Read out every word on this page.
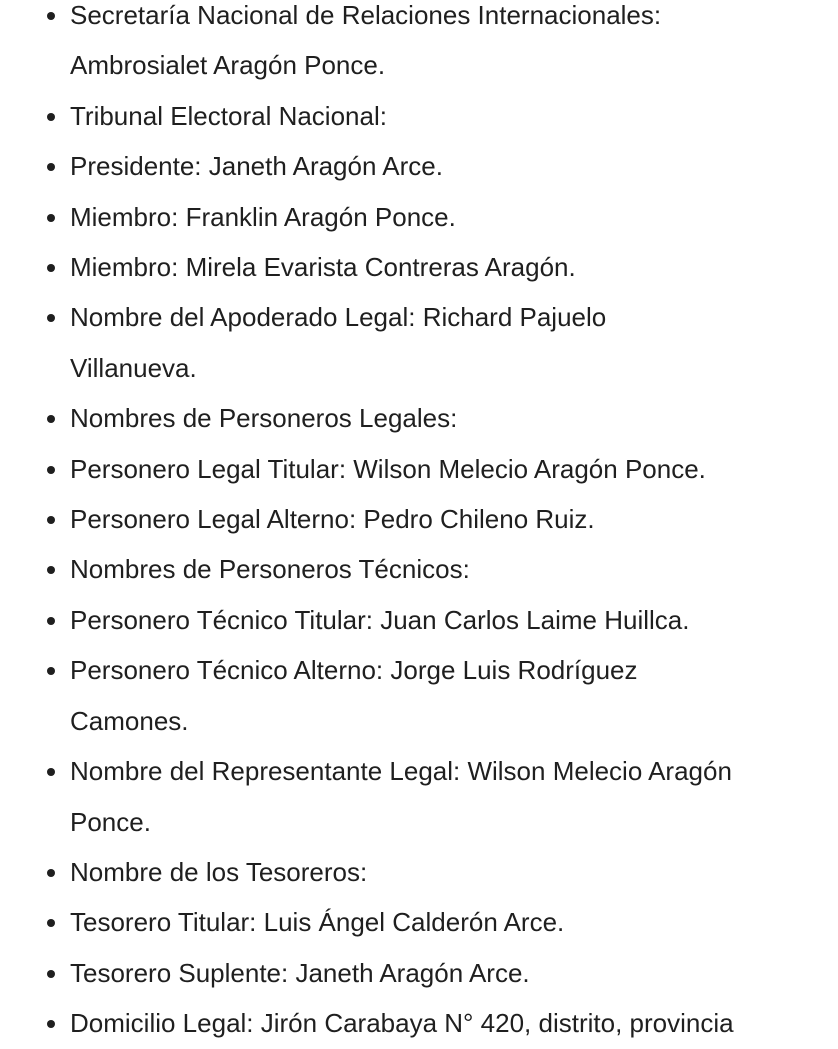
Secretaría Nacional de Relaciones Internacionales:
Ambrosialet Aragón Ponce.
Tribunal Electoral Nacional:
Presidente: Janeth Aragón Arce.
Miembro: Franklin Aragón Ponce.
Miembro: Mirela Evarista Contreras Aragón.
Nombre del Apoderado Legal: Richard Pajuelo
Villanueva.
Nombres de Personeros Legales:
Personero Legal Titular: Wilson Melecio Aragón Ponce.
Personero Legal Alterno: Pedro Chileno Ruiz.
Nombres de Personeros Técnicos:
Personero Técnico Titular: Juan Carlos Laime Huillca.
Personero Técnico Alterno: Jorge Luis Rodríguez
Camones.
Nombre del Representante Legal: Wilson Melecio Aragón
Ponce.
Nombre de los Tesoreros:
Tesorero Titular: Luis Ángel Calderón Arce.
Tesorero Suplente: Janeth Aragón Arce.
Domicilio Legal: Jirón Carabaya N° 420, distrito, provincia
